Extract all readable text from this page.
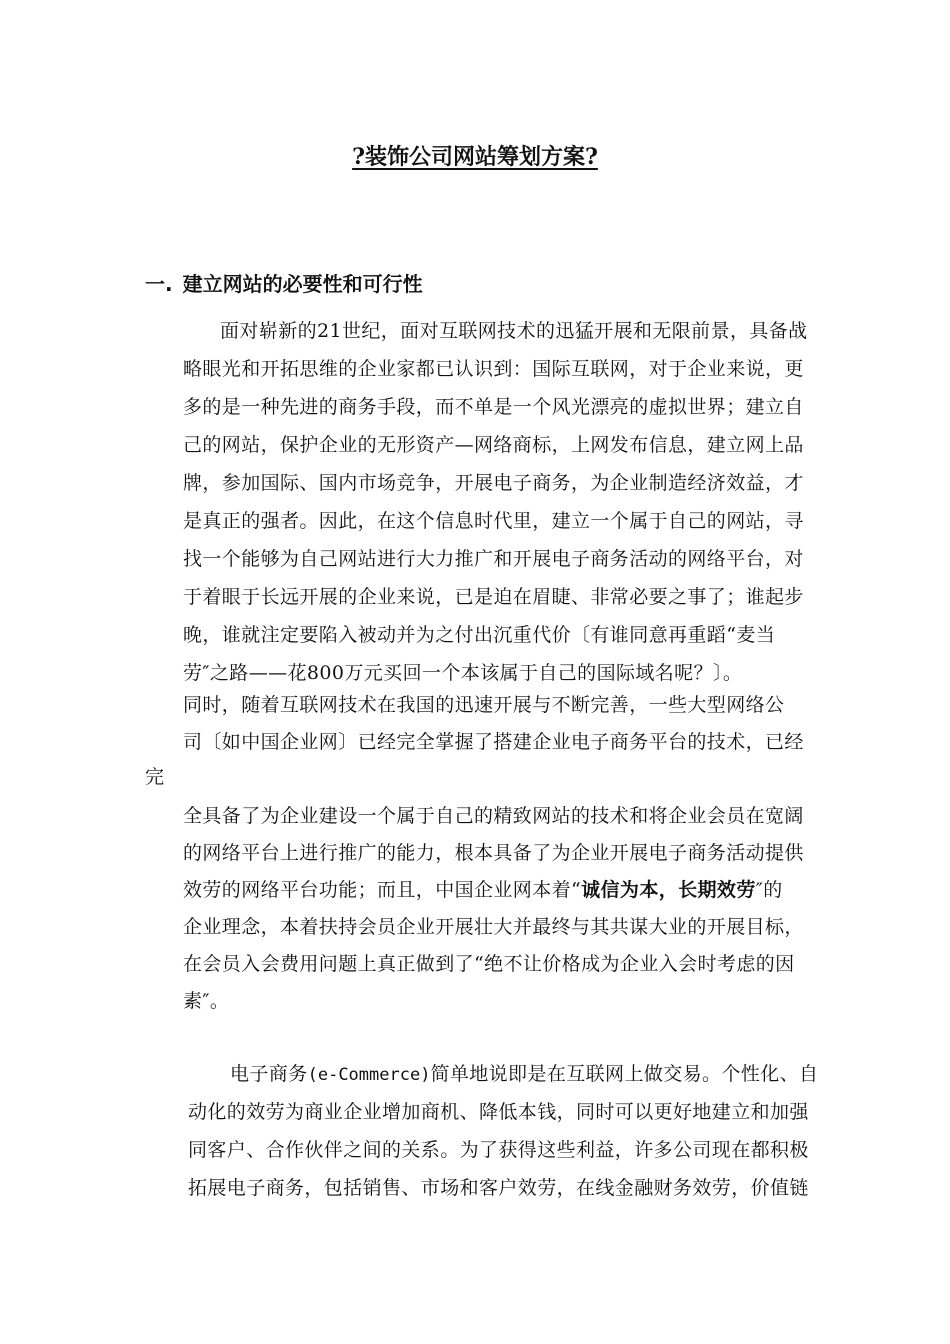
?装饰公司网站筹划方案?
一. 建立网站的必要性和可行性
面对崭新的21世纪，面对互联网技术的迅猛开展和无限前景，具备战
略眼光和开拓思维的企业家都已认识到：国际互联网，对于企业来说，更
多的是一种先进的商务手段，而不单是一个风光漂亮的虚拟世界；建立自
己的网站，保护企业的无形资产—网络商标，上网发布信息，建立网上品
牌，参加国际、国内市场竞争，开展电子商务，为企业制造经济效益，才
是真正的强者。因此，在这个信息时代里，建立一个属于自己的网站，寻
找一个能够为自己网站进行大力推广和开展电子商务活动的网络平台，对
于着眼于长远开展的企业来说，已是迫在眉睫、非常必要之事了；谁起步
晚，谁就注定要陷入被动并为之付出沉重代价〔有谁同意再重蹈“麦当
劳″之路——花800万元买回一个本该属于自己的国际域名呢？〕。
同时，随着互联网技术在我国的迅速开展与不断完善，一些大型网络公
司〔如中国企业网〕已经完全掌握了搭建企业电子商务平台的技术，已经
完
全具备了为企业建设一个属于自己的精致网站的技术和将企业会员在宽阔
的网络平台上进行推广的能力，根本具备了为企业开展电子商务活动提供
效劳的网络平台功能；而且，中国企业网本着“诚信为本，长期效劳″的
企业理念，本着扶持会员企业开展壮大并最终与其共谋大业的开展目标，
在会员入会费用问题上真正做到了“绝不让价格成为企业入会时考虑的因
素″。
电子商务(e-Commerce)简单地说即是在互联网上做交易。个性化、自
动化的效劳为商业企业增加商机、降低本钱，同时可以更好地建立和加强
同客户、合作伙伴之间的关系。为了获得这些利益，许多公司现在都积极
拓展电子商务，包括销售、市场和客户效劳，在线金融财务效劳，价值链
